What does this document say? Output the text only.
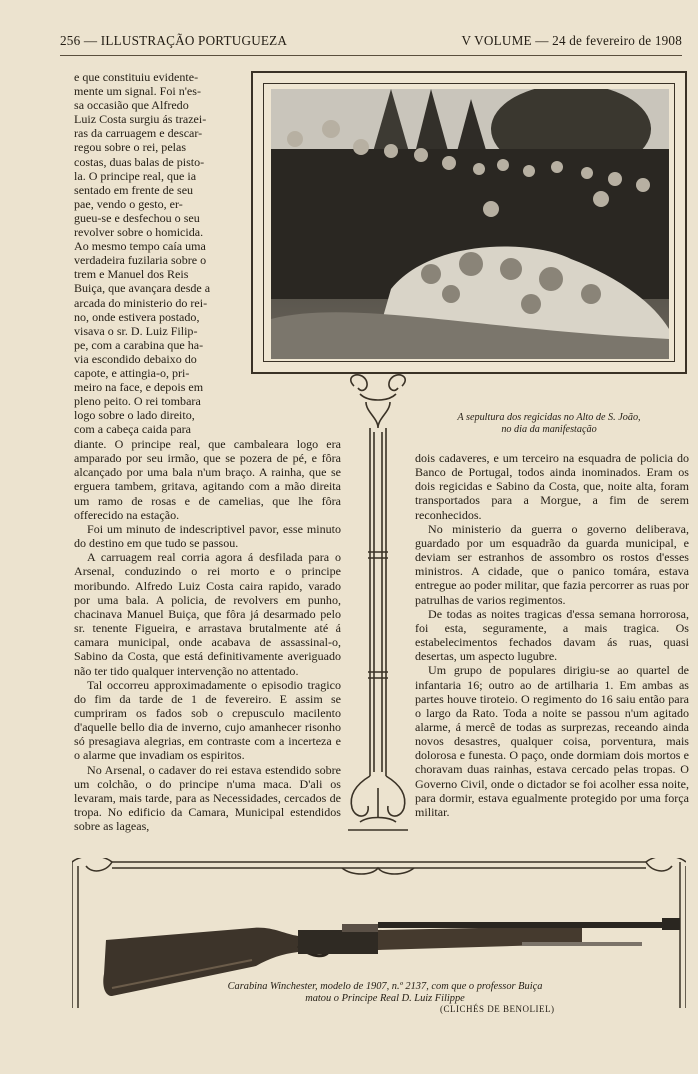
256 — ILLUSTRAÇÃO PORTUGUEZA	V VOLUME — 24 de fevereiro de 1908
e que constituiu evidente-
mente um signal. Foi n'es-
sa occasião que Alfredo
Luiz Costa surgiu ás trazei-
ras da carruagem e descar-
regou sobre o rei, pelas
costas, duas balas de pisto-
la. O principe real, que ia
sentado em frente de seu
pae, vendo o gesto, er-
gueu-se e desfechou o seu
revolver sobre o homicida.
Ao mesmo tempo caía uma
verdadeira fuzilaria sobre o
trem e Manuel dos Reis
Buiça, que avançara desde a
arcada do ministerio do rei-
no, onde estivera postado,
visava o sr. D. Luiz Filip-
pe, com a carabina que ha-
via escondido debaixo do
capote, e attingia-o, pri-
meiro na face, e depois em
pleno peito. O rei tombara
logo sobre o lado direito,
com a cabeça caida para

diante. O principe real, que cambaleara logo era amparado por seu irmão, que se pozera de pé, e fôra alcançado por uma bala n'um braço. A rainha, que se erguera tambem, gritava, agitando com a mão direita um ramo de rosas e de camelias, que lhe fôra offerecido na estação.

Foi um minuto de indescriptivel pavor, esse minuto do destino em que tudo se passou.

A carruagem real corria agora á desfilada para o Arsenal, conduzindo o rei morto e o principe moribundo. Alfredo Luiz Costa caira rapido, varado por uma bala. A policia, de revolvers em punho, chacinava Manuel Buiça, que fôra já desarmado pelo sr. tenente Figueira, e arrastava brutalmente até á camara municipal, onde acabava de assassinal-o, Sabino da Costa, que está definitivamente averiguado não ter tido qualquer intervenção no attentado.

Tal occorreu approximadamente o episodio tragico do fim da tarde de 1 de fevereiro. E assim se cumpriram os fados sob o crepusculo macilento d'aquelle bello dia de inverno, cujo amanhecer risonho só presagiava alegrias, em contraste com a incerteza e o alarme que invadiam os espiritos.

No Arsenal, o cadaver do rei estava estendido sobre um colchão, o do principe n'uma maca. D'ali os levaram, mais tarde, para as Necessidades, cercados de tropa. No edificio da Camara, Municipal estendidos sobre as lageas,

A sepultura dos regicidas no Alto de S. João,
no dia da manifestação

dois cadaveres, e um terceiro na esquadra de policia do Banco de Portugal, todos ainda inominados. Eram os dois regicidas e Sabino da Costa, que, noite alta, foram transportados para a Morgue, a fim de serem reconhecidos.

No ministerio da guerra o governo deliberava, guardado por um esquadrão da guarda municipal, e deviam ser estranhos de assombro os rostos d'esses ministros. A cidade, que o panico tomára, estava entregue ao poder militar, que fazia percorrer as ruas por patrulhas de varios regimentos.

De todas as noites tragicas d'essa semana horrorosa, foi esta, seguramente, a mais tragica. Os estabelecimentos fechados davam ás ruas, quasi desertas, um aspecto lugubre.

Um grupo de populares dirigiu-se ao quartel de infantaria 16; outro ao de artilharia 1. Em ambas as partes houve tiroteio. O regimento do 16 saiu então para o largo da Rato. Toda a noite se passou n'um agitado alarme, á mercê de todas as surprezas, receando ainda novos desastres, qualquer coisa, porventura, mais dolorosa e funesta. O paço, onde dormiam dois mortos e choravam duas rainhas, estava cercado pelas tropas. O Governo Civil, onde o dictador se foi acolher essa noite, para dormir, estava egualmente protegido por uma força militar.

Carabina Winchester, modelo de 1907, n.º 2137, com que o professor Buiça
matou o Principe Real D. Luiz Filippe
(CLICHÉS DE BENOLIEL)
